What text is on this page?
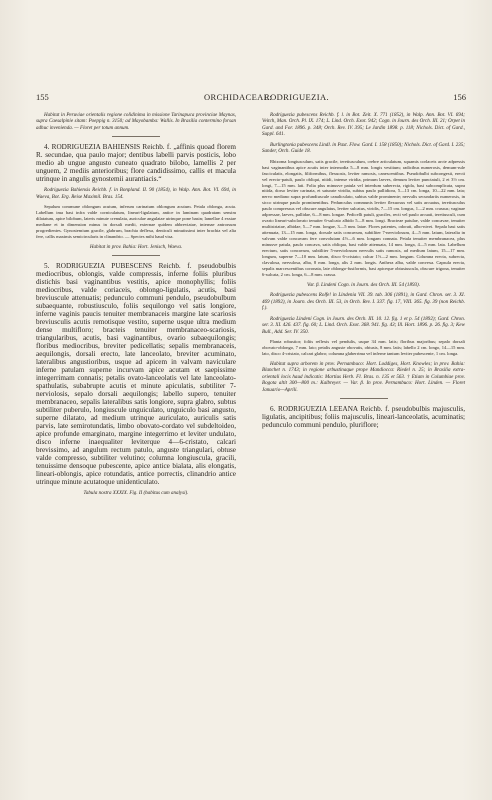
155	ORCHIDACEAE:
RODRIGUEZIA.	156

Habitat in Peruviae orientalis regione colidinima in missione Tarinapuca provinciae Maynas, supra Caesalpinie sitam: Poeppig n. 3150; ad Mayobamba: Wallis. In Brasilia contermino forsan adhuc invenienda. — Floret per totum annum.

4. RODRIGUEZIA BAHIENSIS Reichb. f. „affinis quoad florem R. secundae, qua paulo major; dentibus labelli parvis posticis, lobo medio ab ungue angusto cuneato quadrato bilobo, lamellis 2 per unguem, 2 mediis anterioribus; flore candidissimo, callis et macula utrinque in angulis gynostemii aurantiacis.“

Rodriguezia Bahiensis Reichb. f. in Bonpland. II. 90 (1854), in Walp. Ann. Bot. VI. 694, in Waeva, Bot. Erg. Reise Maximil. Bras. 154.

Sepalum commune oblongum acutum, inferum carinatum oblongum acutum. Petala oblonga, acuta. Labellum ima basi infra valde corniculatum, lineari-ligulatum, antice in laminam quadratam sensim dilatatum, apice bilobum, lateris minute crenulata, auriculae angulatae utrinque pone basin; lamellae 4 exstae mediane et in dimension minus in dorsali medii, externae quidem abbreviatae, internae antrorsum progredientes. Gynostemium gracile, glabrum, brachia deflexa, denticuli minutissimi inter brachia vel alia fere, callis maximis semicircularis in clinandrio. — Species mihi haud visa.

Habitat in prov. Bahia: Hort. Jenisch, Waeva.

5. RODRIGUEZIA PUBESCENS Reichb. f. pseudobulbis mediocribus, oblongis, valde compressis, inferne foliis pluribus distichis basi vaginantibus vestitis, apice monophyllis; foliis mediocribus, valde coriaceis, oblongo-ligulatis, acutis, basi breviuscule attenuatis; pedunculo communi pendulo, pseudobulbum subaequante, robustiusculo, foliis sequilongo vel satis longiore, inferne vaginis paucis tenuiter membranaceis margine late scariosis breviusculis acutis remotisque vestito, superne usque ultra medium dense multifloro; bracteis tenuiter membranaceo-scariosis, triangularibus, acutis, basi vaginantibus, ovario subaequilongis; floribus mediocribus, breviter pedicellatis; sepalis membranaceis, aequilongis, dorsali erecto, late lanceolato, breviter acuminato, lateralibus angustioribus, usque ad apicem in valvam naviculare inferne patulam superne incurvam apice acutam et saepissime integerrimam connatis; petalis ovato-lanceolatis vel late lanceolato-spathulatis, subabrupte acutis et minute apiculatis, subtiliter 7-nerviolosis, sepalo dorsali aequilongis; labello supero, tenuiter membranaceo, sepalis lateralibus satis longiore, supra glabro, subtus subtiliter puberulo, longiuscule unguiculato, unguiculo basi angusto, superne dilatato, ad medium utrinque auriculato, auriculis satis parvis, late semirotundatis, limbo obovato-cordato vel subdeltoideo, apice profunde emarginato, margine integerrimo et leviter undulato, disco inferne inaequaliter leviterque 4—6-cristato, calcari brevissimo, ad angulum rectum patulo, anguste triangulari, obtuse valde compresso, subtiliter velutino; columna longiuscula, gracili, tenuissime densoque pubescente, apice antice bialata, alis elongatis, lineari-oblongis, apice rotundatis, antice porrectis, clinandrio antice utrinque minute acutatoque unidenticulato.

Tabula nostra XXXIX. Fig. II (habitus cum analysi).

Rodriguezia pubescens Reichb. f. l. in Bot. Zeit. X. 771 (1852), in Walp. Ann. Bot. VI. 694; Veitch, Man. Orch. Pl. IX. 174; L. Lind. Orch. Exot. 942; Cogn. in Journ. des Orch. III. 21; Orpet in Gard. and For. 1896. p. 348; Orch. Rev. IV. 395; Le Jardin 1898. p. 118; Nichols. Dict. of Gard., Suppl. 641.

Burlingtonia pubescens Lindl. in Paxt. Flow. Gard. I. 158 (1850); Nichols. Dict. of Gard. I. 235; Sander, Orch. Guide 18.

Rhizoma longiusculum, satis gracile, teretiusculum, crebre articulatum, squamis corlaceis arcte adpressis basi vaginantibus apice acutis inter internodia 5—8 mm. longis vestitum; radicibus numerosis, demum-rule fasciculatis, elongatis, filiformibus, flexuosis, leviter ramosis, canescentibus. Pseudobulbi subcongesti, erecti vel erecto-patuli, paulo obliqui, nitidi, intense viridia, primum laeves, demum leviter punctatuli, 2 et 3½ cm. longi, 7—15 mm. lati. Folia plus minusve patula vel interdum suberecta, rigida, basi subcomplicata, supra nitida, dorso leviter carinata, et saturate viridia, subtus paulo pallidiora, 5—13 cm. longa, 10—22 mm. lata; nervo mediano supra profundiuscule canaliculato, subtus valde prominente; nervulis secundariis numerosis, in sicco utrinque paulo prominentibus. Pedunculus communis leviter flexuosus vel satis arcuatus, teretiusculus paulo compressus vel obscure angulatus, leviter sulcatus, viridis, 7—15 cm. longus, 1—2 mm. crassus; vaginae adpressae, laeves, pallidae, 6—8 mm. longae. Pedicelli patuli, graciles, recti vel paulo arcuati, teretiusculi, cum ovario lineari-subclavato tenuiter 6-sulcato albido 5—8 mm. longi. Bracteae patulae, valde concavae, tenuiter multistriatae, albidae, 5—7 mm. longae, 3—5 mm. latae. Flores patentes, odorati, albo-nivei. Sepala basi satis attenuata, 13—15 mm. longa, dorsale satis concavum, subtiliter 7-nerviolosum, 4—5 mm. latum, lateralia in valvam valde concavam fere convolutam 4½—6 mm. longam connata. Petala tenuiter membranacea, plus minusve patula, paulo concava, satis obliqua, basi valde attenuata, 14 mm. longa, 4—5 mm. lata. Labellum erectum, satis concavum, subtiliter 5-nerviolosum nervulis satis ramosis, ad medium latum, 15—17 mm. longum, superne 7—10 mm. latum, disco 6-cristato; calcar 1½—2 mm. longum. Columna erecta, subrecta, clavulosa, nervulosa, alba, 8 mm. longa, alis 2 mm. longis. Anthera alba, valde convexa. Capsula erecta, sepalis marcescentibus coronata, late oblongo-fusiformis, basi apiceque obtusiuscula, obscure trigona, tenuiter 6-sulcata, 2 cm. longa, 6—8 mm. crassa.

Var. β. Lindeni Cogn. in Journ. des Orch. III. 54 (1893).

Rodriguezia pubescens Rolfe! in Lindenia VII. 39. tab. 306 (1891), in Gard. Chron. ser. 3. XI. 469 (1892), in Journ. des Orch. III. 53, in Orch. Rev. I. 337. fig. 17, VIII. 365. fig. 39 (non Reichb. f.).

Rodriguezia Lindeni Cogn. in Journ. des Orch. III. 10. 12. fig. 1 et p. 54 (1892); Gard. Chron. ser. 3. XI. 426. 437. fig. 60; L. Lind. Orch. Exot. 368. 941. fig. 43; Ill. Hort. 1896. p. 26. fig. 3; Kew Bull., Add. Ser. IV. 350.

Planta robustior; foliis reflexis vel pendulis, usque 34 mm. latis; floribus majoribus; sepalo dorsali obovato-oblongo, 7 mm. lato; petalis anguste obovatis, obtusis, 8 mm. latis; labello 2 cm. longo, 14—15 mm. lato, disco 4-cristato, calcari glabro; columna glaberrima vel inferne tantum leviter pubescente, 1 cm. longa.

Habitat supra arborem in prov. Pernambuco: Hort. Loddiges, Hort. Knowles; in prov. Bahia: Blanchet n. 1743; in regione arbustinaque prope Mandiocca: Riedel n. 25; in Brasilia extra-orientali locis haud indicatis: Martius Herb. Fl. Bras. n. 135 et 563. † Etiam in Columbiae prov. Bogota altit 300—800 m.: Kalbreyer. — Var. β. In prov. Pernambuco: Hort. Linden. — Floret Januario—Aprili.

6. RODRIGUEZIA LEEANA Reichb. f. pseudobulbis majusculis, ligulatis, ancipitibus; foliis majusculis, lineari-lanceolatis, acuminatis; pedunculo communi pendulo, pluriflore;
